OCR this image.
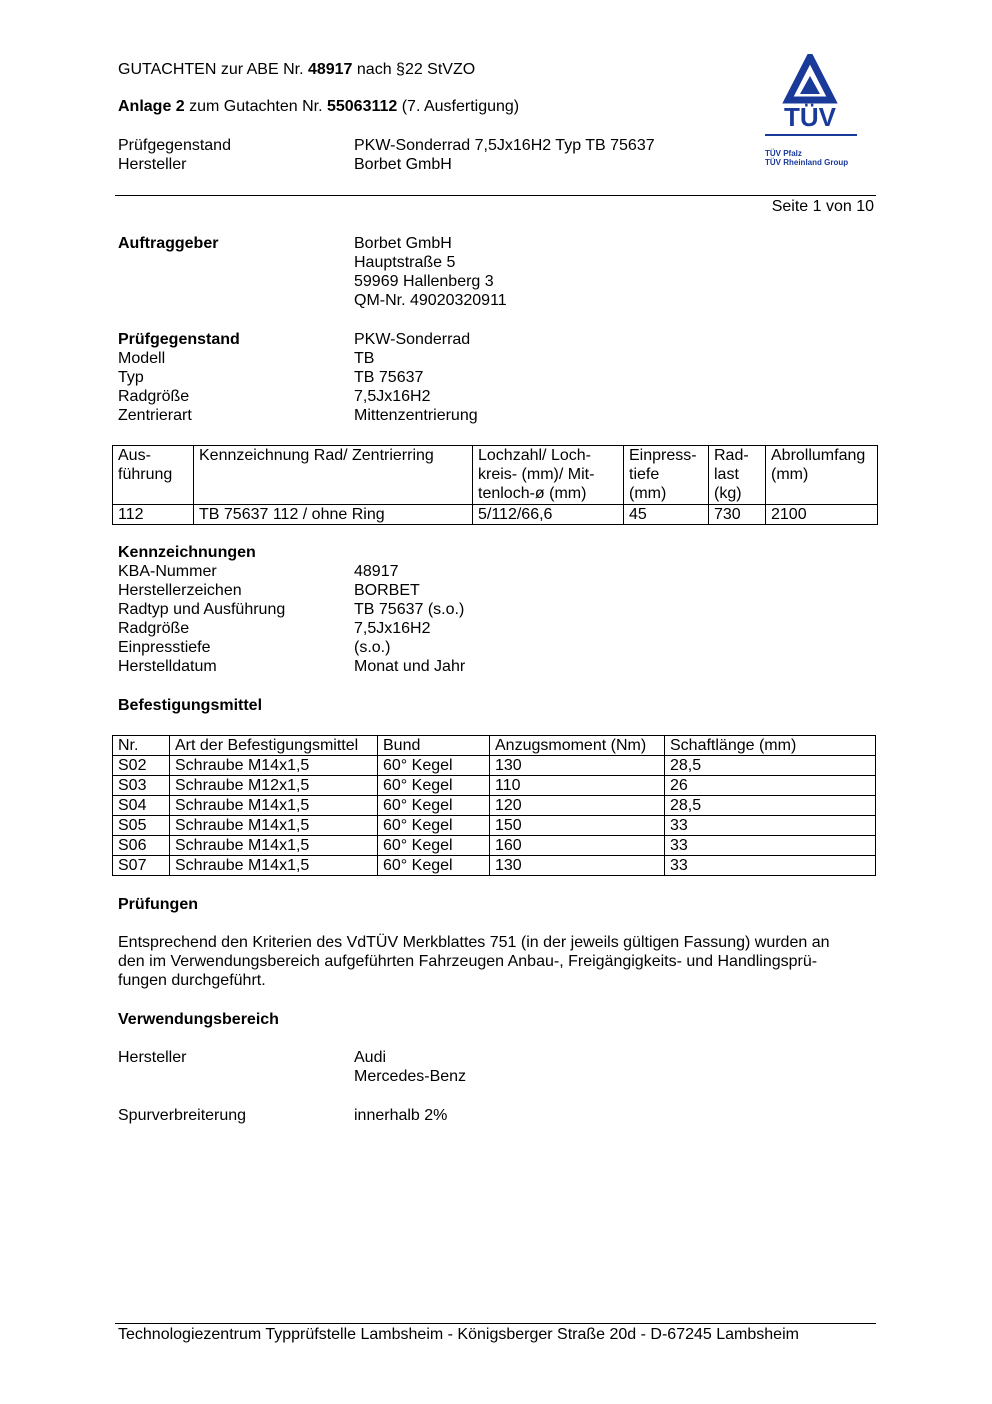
GUTACHTEN zur ABE Nr. 48917 nach §22 StVZO
Anlage 2 zum Gutachten Nr. 55063112 (7. Ausfertigung)
Prüfgegenstand	PKW-Sonderrad 7,5Jx16H2 Typ TB 75637
Hersteller	Borbet GmbH
TÜV
TÜV Pfalz
TÜV Rheinland Group
Seite 1 von 10
Auftraggeber	Borbet GmbH
Hauptstraße 5
59969 Hallenberg 3
QM-Nr. 49020320911
Prüfgegenstand	PKW-Sonderrad
Modell	TB
Typ	TB 75637
Radgröße	7,5Jx16H2
Zentrierart	Mittenzentrierung
Aus-
führung	Kennzeichnung Rad/ Zentrierring	Lochzahl/ Loch-
kreis- (mm)/ Mit-
tenloch-ø (mm)	Einpress-
tiefe
(mm)	Rad-
last
(kg)	Abrollumfang
(mm)
112	TB 75637 112 / ohne Ring	5/112/66,6	45	730	2100
Kennzeichnungen
KBA-Nummer	48917
Herstellerzeichen	BORBET
Radtyp und Ausführung	TB 75637 (s.o.)
Radgröße	7,5Jx16H2
Einpresstiefe	(s.o.)
Herstelldatum	Monat und Jahr
Befestigungsmittel
Nr.	Art der Befestigungsmittel	Bund	Anzugsmoment (Nm)	Schaftlänge (mm)
S02	Schraube M14x1,5	60° Kegel	130	28,5
S03	Schraube M12x1,5	60° Kegel	110	26
S04	Schraube M14x1,5	60° Kegel	120	28,5
S05	Schraube M14x1,5	60° Kegel	150	33
S06	Schraube M14x1,5	60° Kegel	160	33
S07	Schraube M14x1,5	60° Kegel	130	33
Prüfungen
Entsprechend den Kriterien des VdTÜV Merkblattes 751 (in der jeweils gültigen Fassung) wurden an
den im Verwendungsbereich aufgeführten Fahrzeugen Anbau-, Freigängigkeits- und Handlingsprü-
fungen durchgeführt.
Verwendungsbereich
Hersteller	Audi
Mercedes-Benz
Spurverbreiterung	innerhalb 2%
Technologiezentrum Typprüfstelle Lambsheim - Königsberger Straße 20d - D-67245 Lambsheim
